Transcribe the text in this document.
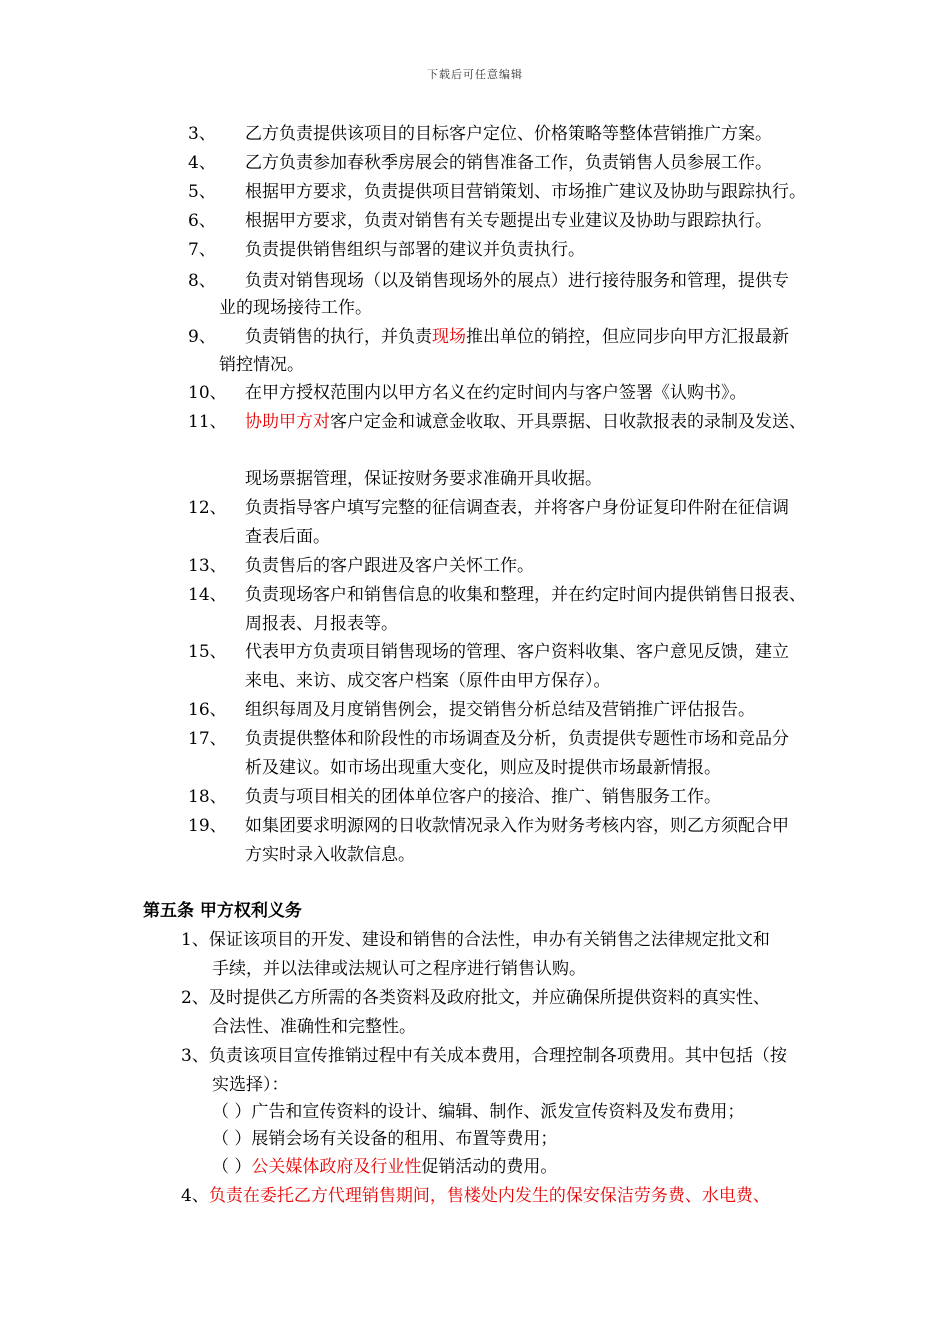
下载后可任意编辑
3、 乙方负责提供该项目的目标客户定位、价格策略等整体营销推广方案。
4、 乙方负责参加春秋季房展会的销售准备工作，负责销售人员参展工作。
5、 根据甲方要求，负责提供项目营销策划、市场推广建议及协助与跟踪执行。
6、 根据甲方要求，负责对销售有关专题提出专业建议及协助与跟踪执行。
7、 负责提供销售组织与部署的建议并负责执行。
8、 负责对销售现场（以及销售现场外的展点）进行接待服务和管理，提供专
业的现场接待工作。
9、 负责销售的执行，并负责现场推出单位的销控，但应同步向甲方汇报最新
销控情况。
10、 在甲方授权范围内以甲方名义在约定时间内与客户签署《认购书》。
11、 协助甲方对客户定金和诚意金收取、开具票据、日收款报表的录制及发送、
现场票据管理，保证按财务要求准确开具收据。
12、 负责指导客户填写完整的征信调查表，并将客户身份证复印件附在征信调
查表后面。
13、 负责售后的客户跟进及客户关怀工作。
14、 负责现场客户和销售信息的收集和整理，并在约定时间内提供销售日报表、
周报表、月报表等。
15、 代表甲方负责项目销售现场的管理、客户资料收集、客户意见反馈，建立
来电、来访、成交客户档案（原件由甲方保存）。
16、 组织每周及月度销售例会，提交销售分析总结及营销推广评估报告。
17、 负责提供整体和阶段性的市场调查及分析，负责提供专题性市场和竞品分
析及建议。如市场出现重大变化，则应及时提供市场最新情报。
18、 负责与项目相关的团体单位客户的接洽、推广、销售服务工作。
19、 如集团要求明源网的日收款情况录入作为财务考核内容，则乙方须配合甲
方实时录入收款信息。
第五条 甲方权利义务
1、保证该项目的开发、建设和销售的合法性，申办有关销售之法律规定批文和
手续，并以法律或法规认可之程序进行销售认购。
2、及时提供乙方所需的各类资料及政府批文，并应确保所提供资料的真实性、
合法性、准确性和完整性。
3、负责该项目宣传推销过程中有关成本费用，合理控制各项费用。其中包括（按
实选择）：
（ ）广告和宣传资料的设计、编辑、制作、派发宣传资料及发布费用；
（ ）展销会场有关设备的租用、布置等费用；
（ ）公关媒体政府及行业性促销活动的费用。
4、负责在委托乙方代理销售期间，售楼处内发生的保安保洁劳务费、水电费、
